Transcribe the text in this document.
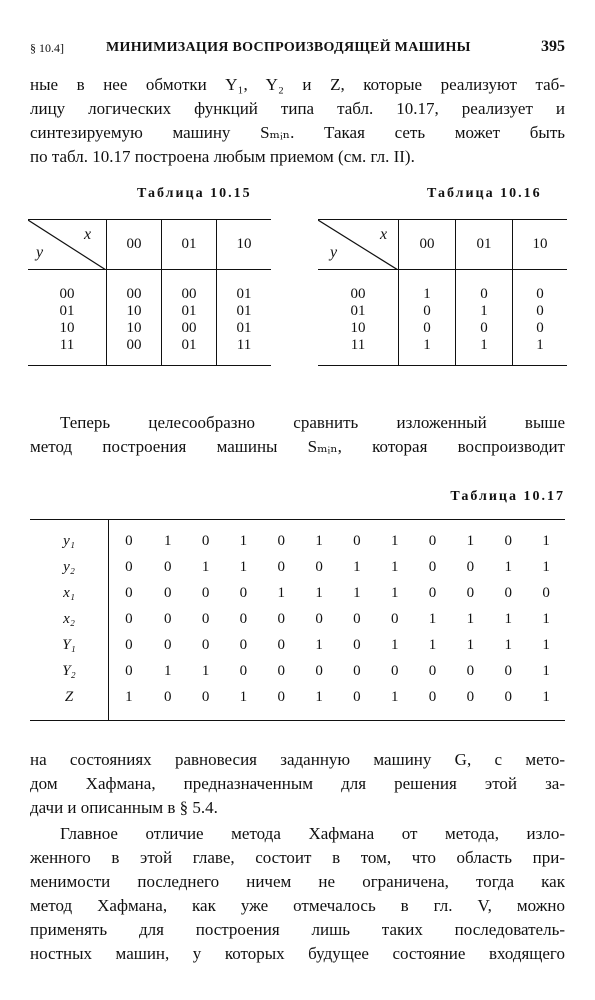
§ 10.4]	МИНИМИЗАЦИЯ ВОСПРОИЗВОДЯЩЕЙ МАШИНЫ	395
ные в нее обмотки Y₁, Y₂ и Z, которые реализуют таб-
лицу логических функций типа табл. 10.17, реализует и
синтезируемую машину Sₘᵢₙ. Такая сеть может быть
по табл. 10.17 построена любым приемом (см. гл. II).
Таблица 10.15
x
y	00	01	10

00	00	00	01
01	10	01	01
10	10	00	01
11	00	01	11

Таблица 10.16
x
y	00	01	10

00	1	0	0
01	0	1	0
10	0	0	0
11	1	1	1

Теперь целесообразно сравнить изложенный выше
метод построения машины Sₘᵢₙ, которая воспроизводит
Таблица 10.17

y₁	0	1	0	1	0	1	0	1	0	1	0	1
y₂	0	0	1	1	0	0	1	1	0	0	1	1
x₁	0	0	0	0	1	1	1	1	0	0	0	0
x₂	0	0	0	0	0	0	0	0	1	1	1	1
Y₁	0	0	0	0	0	1	0	1	1	1	1	1
Y₂	0	1	1	0	0	0	0	0	0	0	0	1
Z	1	0	0	1	0	1	0	1	0	0	0	1

на состояниях равновесия заданную машину G, с мето-
дом Хафмана, предназначенным для решения этой за-
дачи и описанным в § 5.4.
Главное отличие метода Хафмана от метода, изло-
женного в этой главе, состоит в том, что область при-
менимости последнего ничем не ограничена, тогда как
метод Хафмана, как уже отмечалось в гл. V, можно
применять для построения лишь таких последователь-
ностных машин, у которых будущее состояние входящего
